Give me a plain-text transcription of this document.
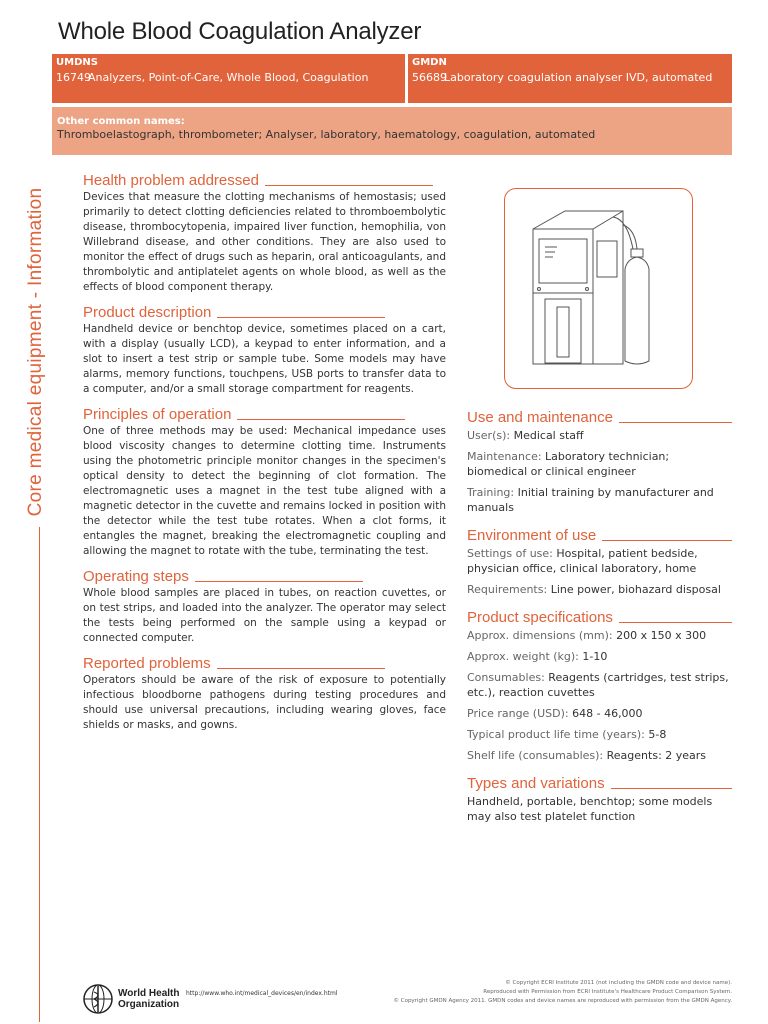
Whole Blood Coagulation Analyzer
UMDNS
16749
Analyzers, Point-of-Care, Whole Blood, Coagulation
GMDN
56689
Laboratory coagulation analyser IVD, automated
Other common names:
Thromboelastograph, thrombometer; Analyser, laboratory, haematology, coagulation, automated
Core medical equipment - Information
Health problem addressed

Devices that measure the clotting mechanisms of hemostasis; used primarily to detect clotting deficiencies related to thromboembolytic disease, thrombocytopenia, impaired liver function, hemophilia, von Willebrand disease, and other conditions. They are also used to monitor the effect of drugs such as heparin, oral anticoagulants, and thrombolytic and antiplatelet agents on whole blood, as well as the effects of blood component therapy.

Product description

Handheld device or benchtop device, sometimes placed on a cart, with a display (usually LCD), a keypad to enter information, and a slot to insert a test strip or sample tube. Some models may have alarms, memory functions, touchpens, USB ports to transfer data to a computer, and/or a small storage compartment for reagents.

Principles of operation

One of three methods may be used: Mechanical impedance uses blood viscosity changes to determine clotting time. Instruments using the photometric principle monitor changes in the specimen's optical density to detect the beginning of clot formation. The electromagnetic uses a magnet in the test tube aligned with a magnetic detector in the cuvette and remains locked in position with the detector while the test tube rotates. When a clot forms, it entangles the magnet, breaking the electromagnetic coupling and allowing the magnet to rotate with the tube, terminating the test.

Operating steps

Whole blood samples are placed in tubes, on reaction cuvettes, or on test strips, and loaded into the analyzer. The operator may select the tests being performed on the sample using a keypad or connected computer.

Reported problems

Operators should be aware of the risk of exposure to potentially infectious bloodborne pathogens during testing procedures and should use universal precautions, including wearing gloves, face shields or masks, and gowns.

Use and maintenance

User(s): Medical staff

Maintenance: Laboratory technician; biomedical or clinical engineer

Training: Initial training by manufacturer and manuals

Environment of use

Settings of use: Hospital, patient bedside, physician office, clinical laboratory, home

Requirements: Line power, biohazard disposal

Product specifications

Approx. dimensions (mm): 200 x 150 x 300

Approx. weight (kg): 1-10

Consumables: Reagents (cartridges, test strips, etc.), reaction cuvettes

Price range (USD): 648 - 46,000

Typical product life time (years): 5-8

Shelf life (consumables): Reagents: 2 years

Types and variations

Handheld, portable, benchtop; some models may also test platelet function

World Health
Organization
http://www.who.int/medical_devices/en/index.html
© Copyright ECRI Institute 2011 (not including the GMDN code and device name).
Reproduced with Permission from ECRI Institute's Healthcare Product Comparison System.
© Copyright GMDN Agency 2011. GMDN codes and device names are reproduced with permission from the GMDN Agency.
